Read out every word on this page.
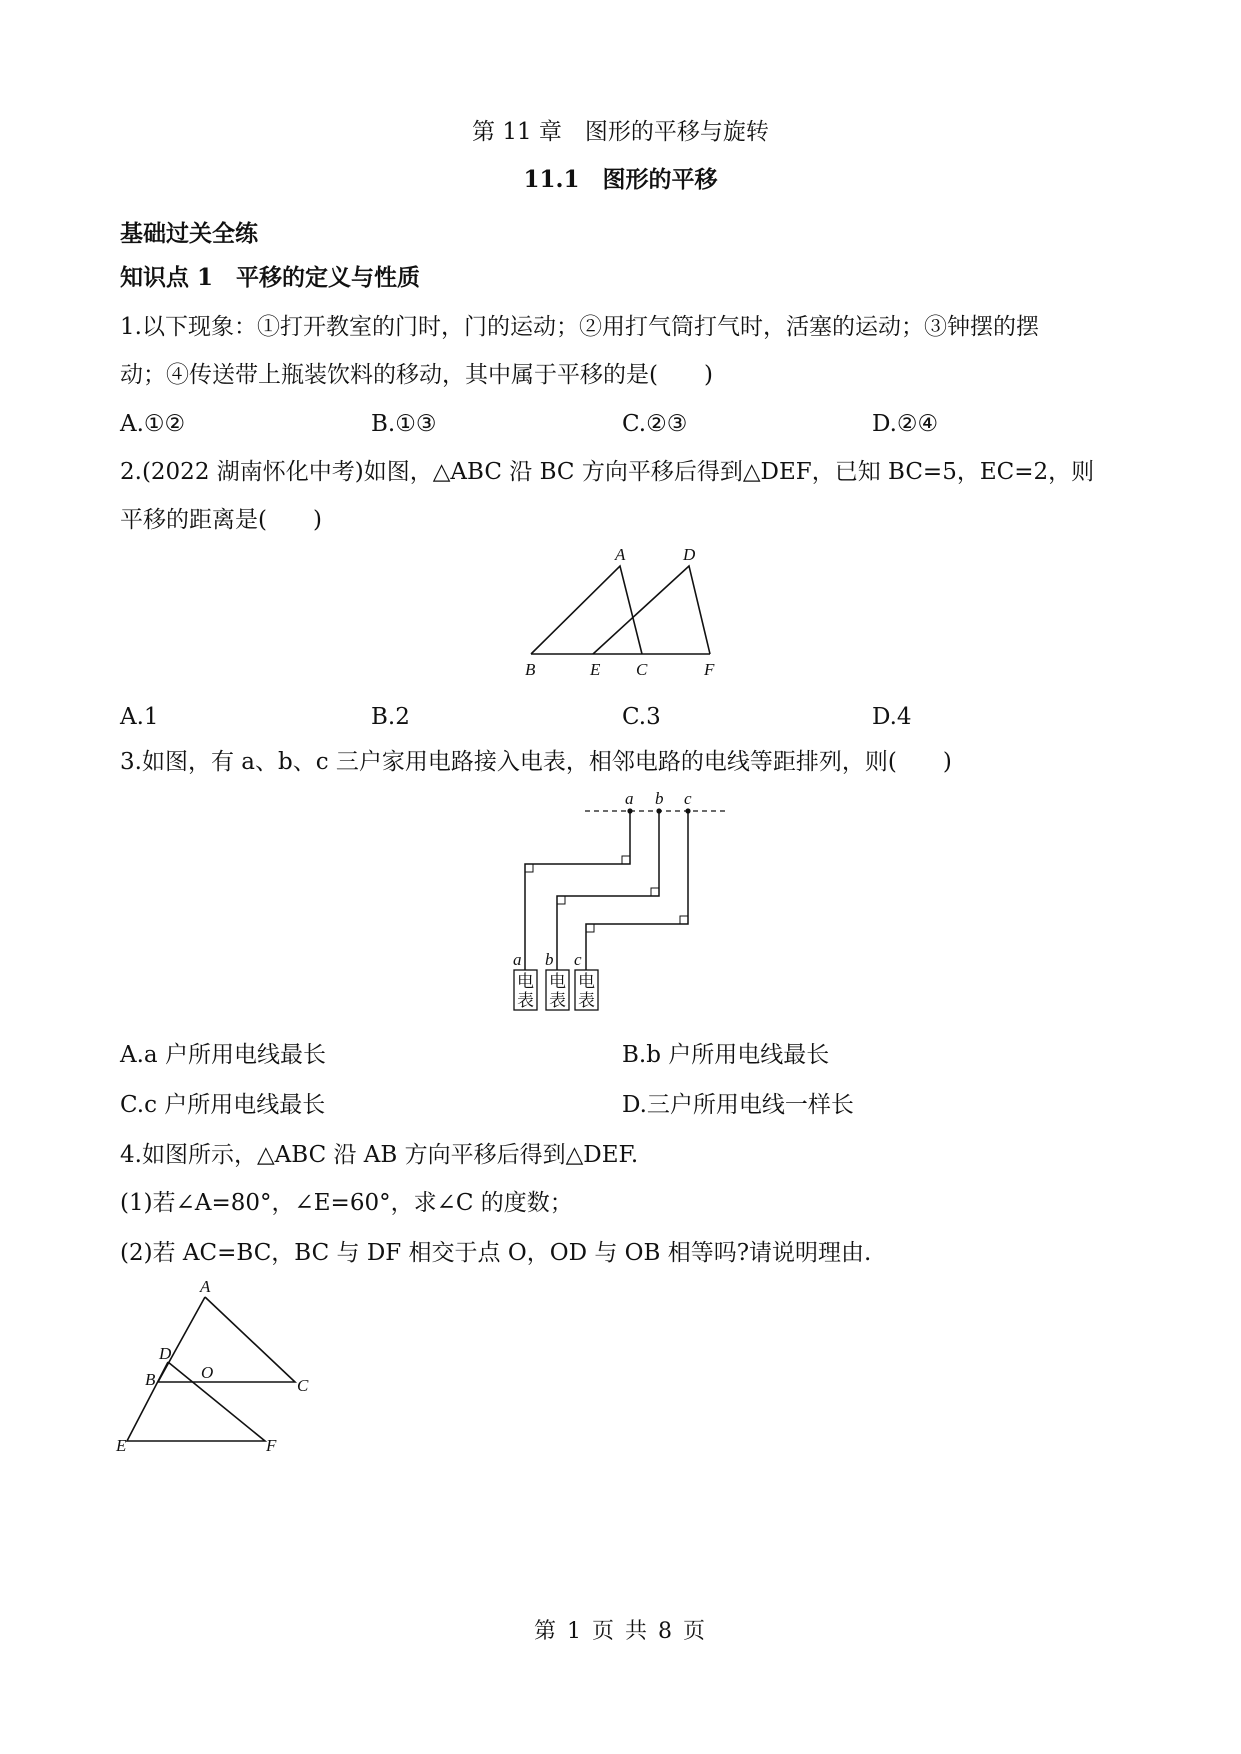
第 11 章　图形的平移与旋转
11.1　图形的平移
基础过关全练
知识点 1　平移的定义与性质
1.以下现象：①打开教室的门时，门的运动；②用打气筒打气时，活塞的运动；③钟摆的摆
动；④传送带上瓶装饮料的移动，其中属于平移的是(　　)
A.①②	B.①③	C.②③	D.②④
2.(2022 湖南怀化中考)如图，△ABC 沿 BC 方向平移后得到△DEF，已知 BC=5，EC=2，则
平移的距离是(　　)
A	D
B	E C	F
A.1	B.2	C.3	D.4
3.如图，有 a、b、c 三户家用电路接入电表，相邻电路的电线等距排列，则(　　)
a b c
a b c
电
表
电
表
电
表
A.a 户所用电线最长	B.b 户所用电线最长
C.c 户所用电线最长	D.三户所用电线一样长
4.如图所示，△ABC 沿 AB 方向平移后得到△DEF.
(1)若∠A=80°，∠E=60°，求∠C 的度数；
(2)若 AC=BC，BC 与 DF 相交于点 O，OD 与 OB 相等吗?请说明理由.
A
D
B	O
C
E	F
第 1 页 共 8 页
